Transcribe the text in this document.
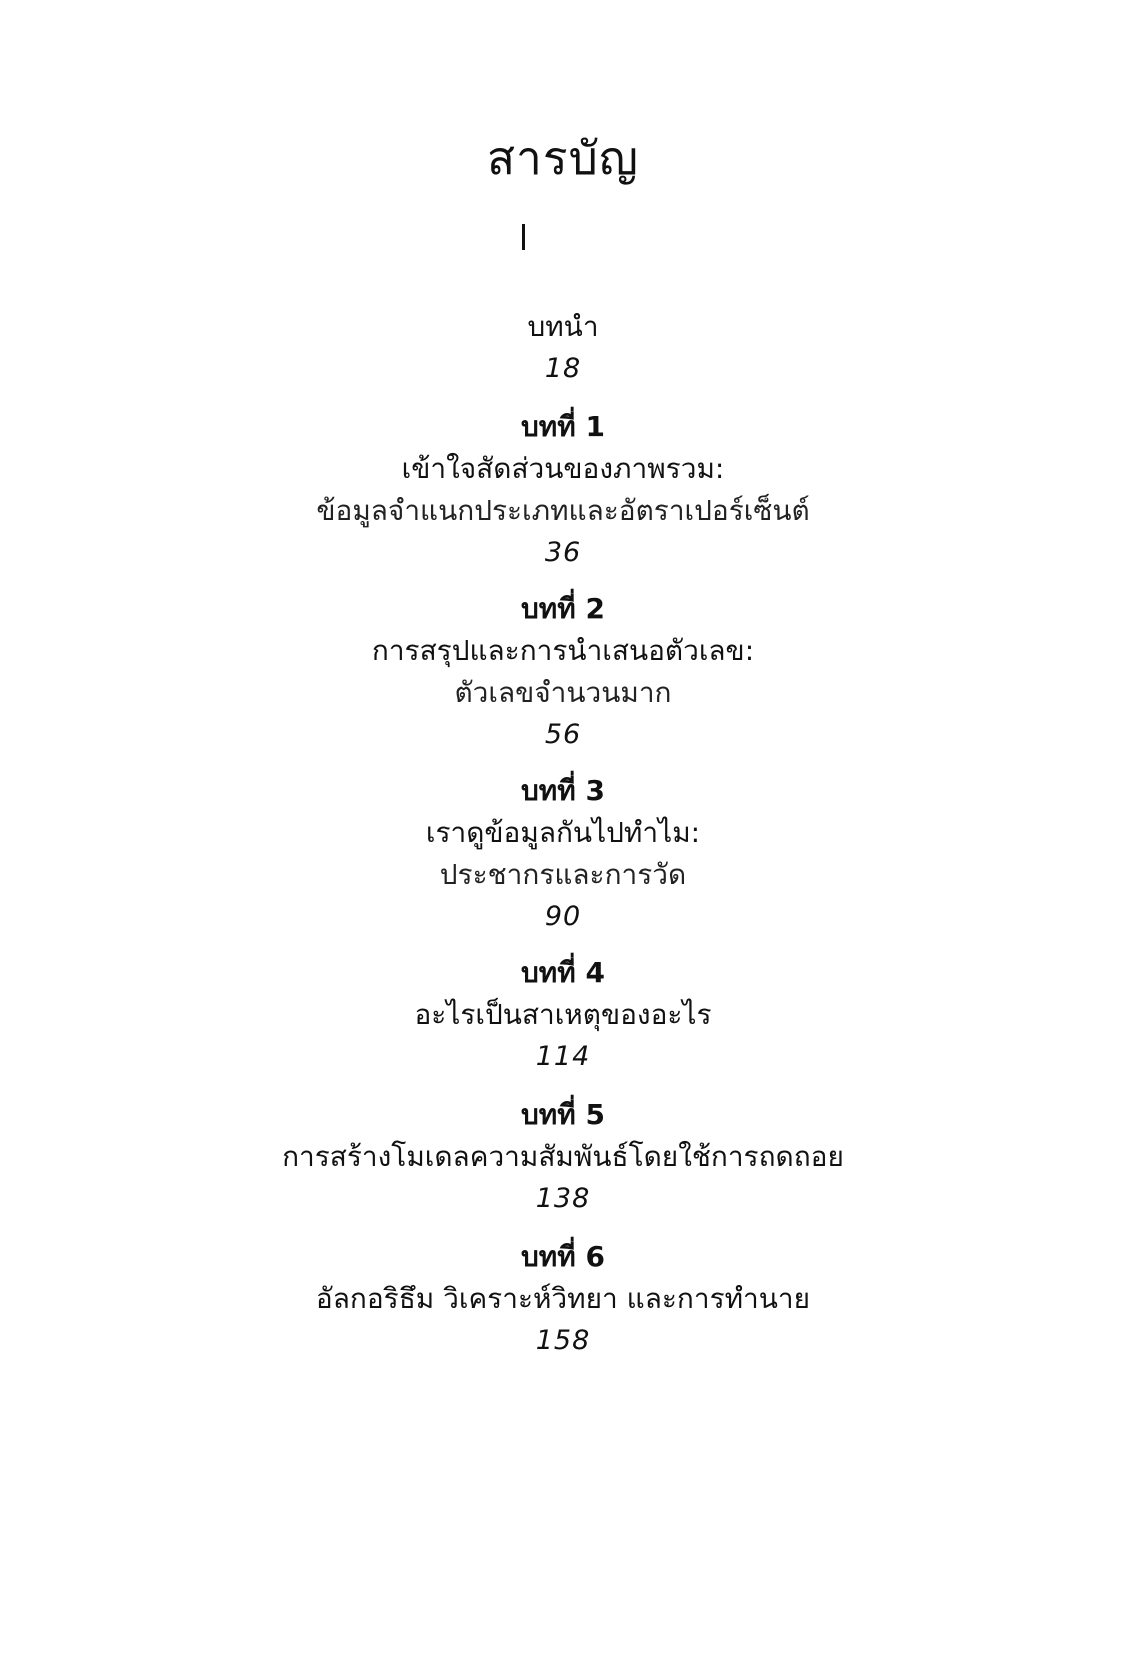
สารบัญ
บทนำ
18
บทที่ 1
เข้าใจสัดส่วนของภาพรวม:
ข้อมูลจำแนกประเภทและอัตราเปอร์เซ็นต์
36
บทที่ 2
การสรุปและการนำเสนอตัวเลข:
ตัวเลขจำนวนมาก
56
บทที่ 3
เราดูข้อมูลกันไปทำไม:
ประชากรและการวัด
90
บทที่ 4
อะไรเป็นสาเหตุของอะไร
114
บทที่ 5
การสร้างโมเดลความสัมพันธ์โดยใช้การถดถอย
138
บทที่ 6
อัลกอริธึม วิเคราะห์วิทยา และการทำนาย
158
